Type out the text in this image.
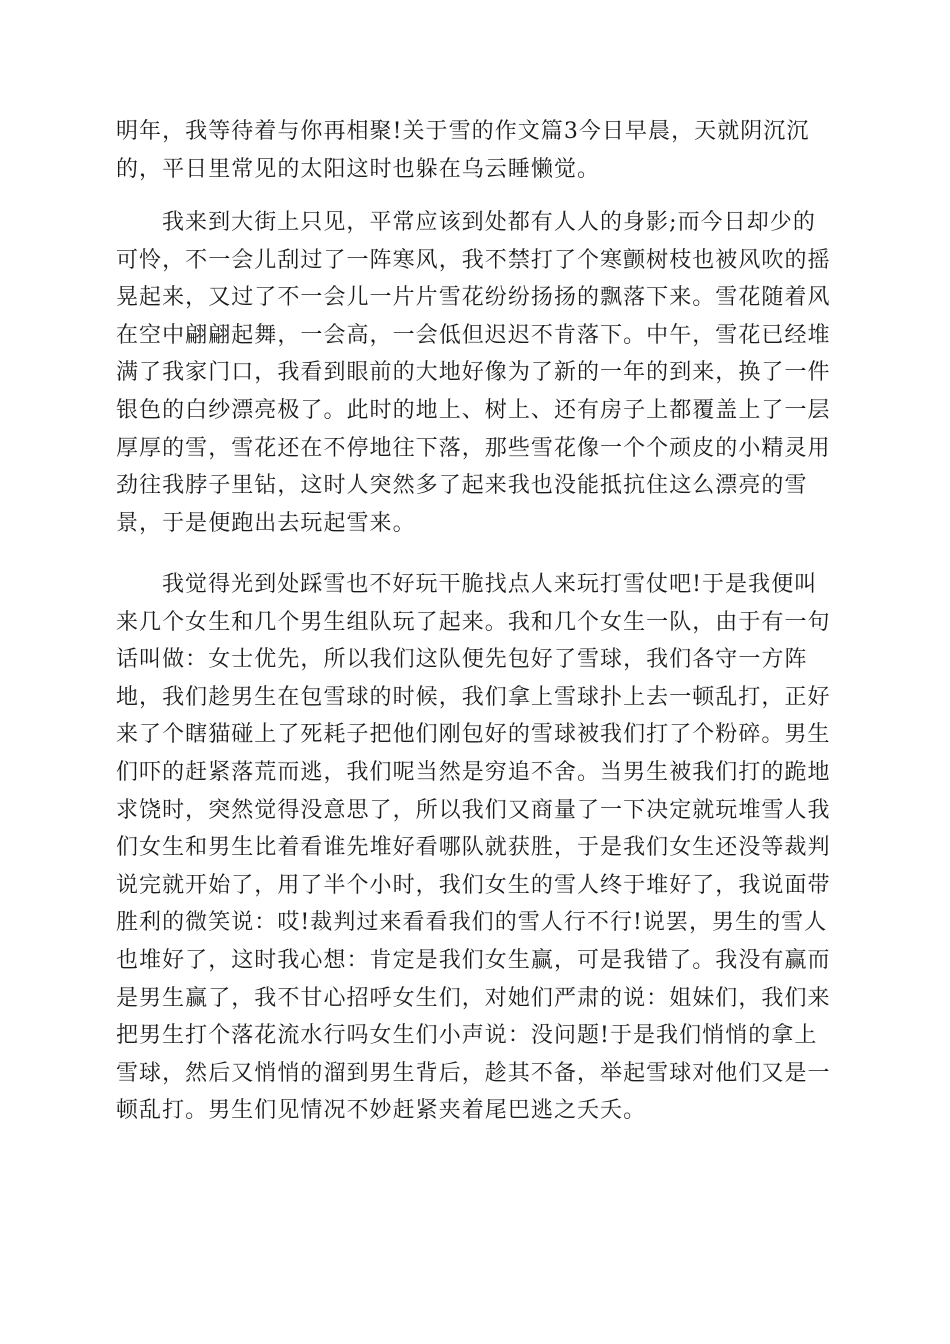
明年，我等待着与你再相聚!关于雪的作文篇3今日早晨，天就阴沉沉的，平日里常见的太阳这时也躲在乌云睡懒觉。

我来到大街上只见，平常应该到处都有人人的身影;而今日却少的可怜，不一会儿刮过了一阵寒风，我不禁打了个寒颤树枝也被风吹的摇晃起来，又过了不一会儿一片片雪花纷纷扬扬的飘落下来。雪花随着风在空中翩翩起舞，一会高，一会低但迟迟不肯落下。中午，雪花已经堆满了我家门口，我看到眼前的大地好像为了新的一年的到来，换了一件银色的白纱漂亮极了。此时的地上、树上、还有房子上都覆盖上了一层厚厚的雪，雪花还在不停地往下落，那些雪花像一个个顽皮的小精灵用劲往我脖子里钻，这时人突然多了起来我也没能抵抗住这么漂亮的雪景，于是便跑出去玩起雪来。

我觉得光到处踩雪也不好玩干脆找点人来玩打雪仗吧!于是我便叫来几个女生和几个男生组队玩了起来。我和几个女生一队，由于有一句话叫做：女士优先，所以我们这队便先包好了雪球，我们各守一方阵地，我们趁男生在包雪球的时候，我们拿上雪球扑上去一顿乱打，正好来了个瞎猫碰上了死耗子把他们刚包好的雪球被我们打了个粉碎。男生们吓的赶紧落荒而逃，我们呢当然是穷追不舍。当男生被我们打的跪地求饶时，突然觉得没意思了，所以我们又商量了一下决定就玩堆雪人我们女生和男生比着看谁先堆好看哪队就获胜，于是我们女生还没等裁判说完就开始了，用了半个小时，我们女生的雪人终于堆好了，我说面带胜利的微笑说：哎!裁判过来看看我们的雪人行不行!说罢，男生的雪人也堆好了，这时我心想：肯定是我们女生赢，可是我错了。我没有赢而是男生赢了，我不甘心招呼女生们，对她们严肃的说：姐妹们，我们来把男生打个落花流水行吗女生们小声说：没问题!于是我们悄悄的拿上雪球，然后又悄悄的溜到男生背后，趁其不备，举起雪球对他们又是一顿乱打。男生们见情况不妙赶紧夹着尾巴逃之夭夭。
